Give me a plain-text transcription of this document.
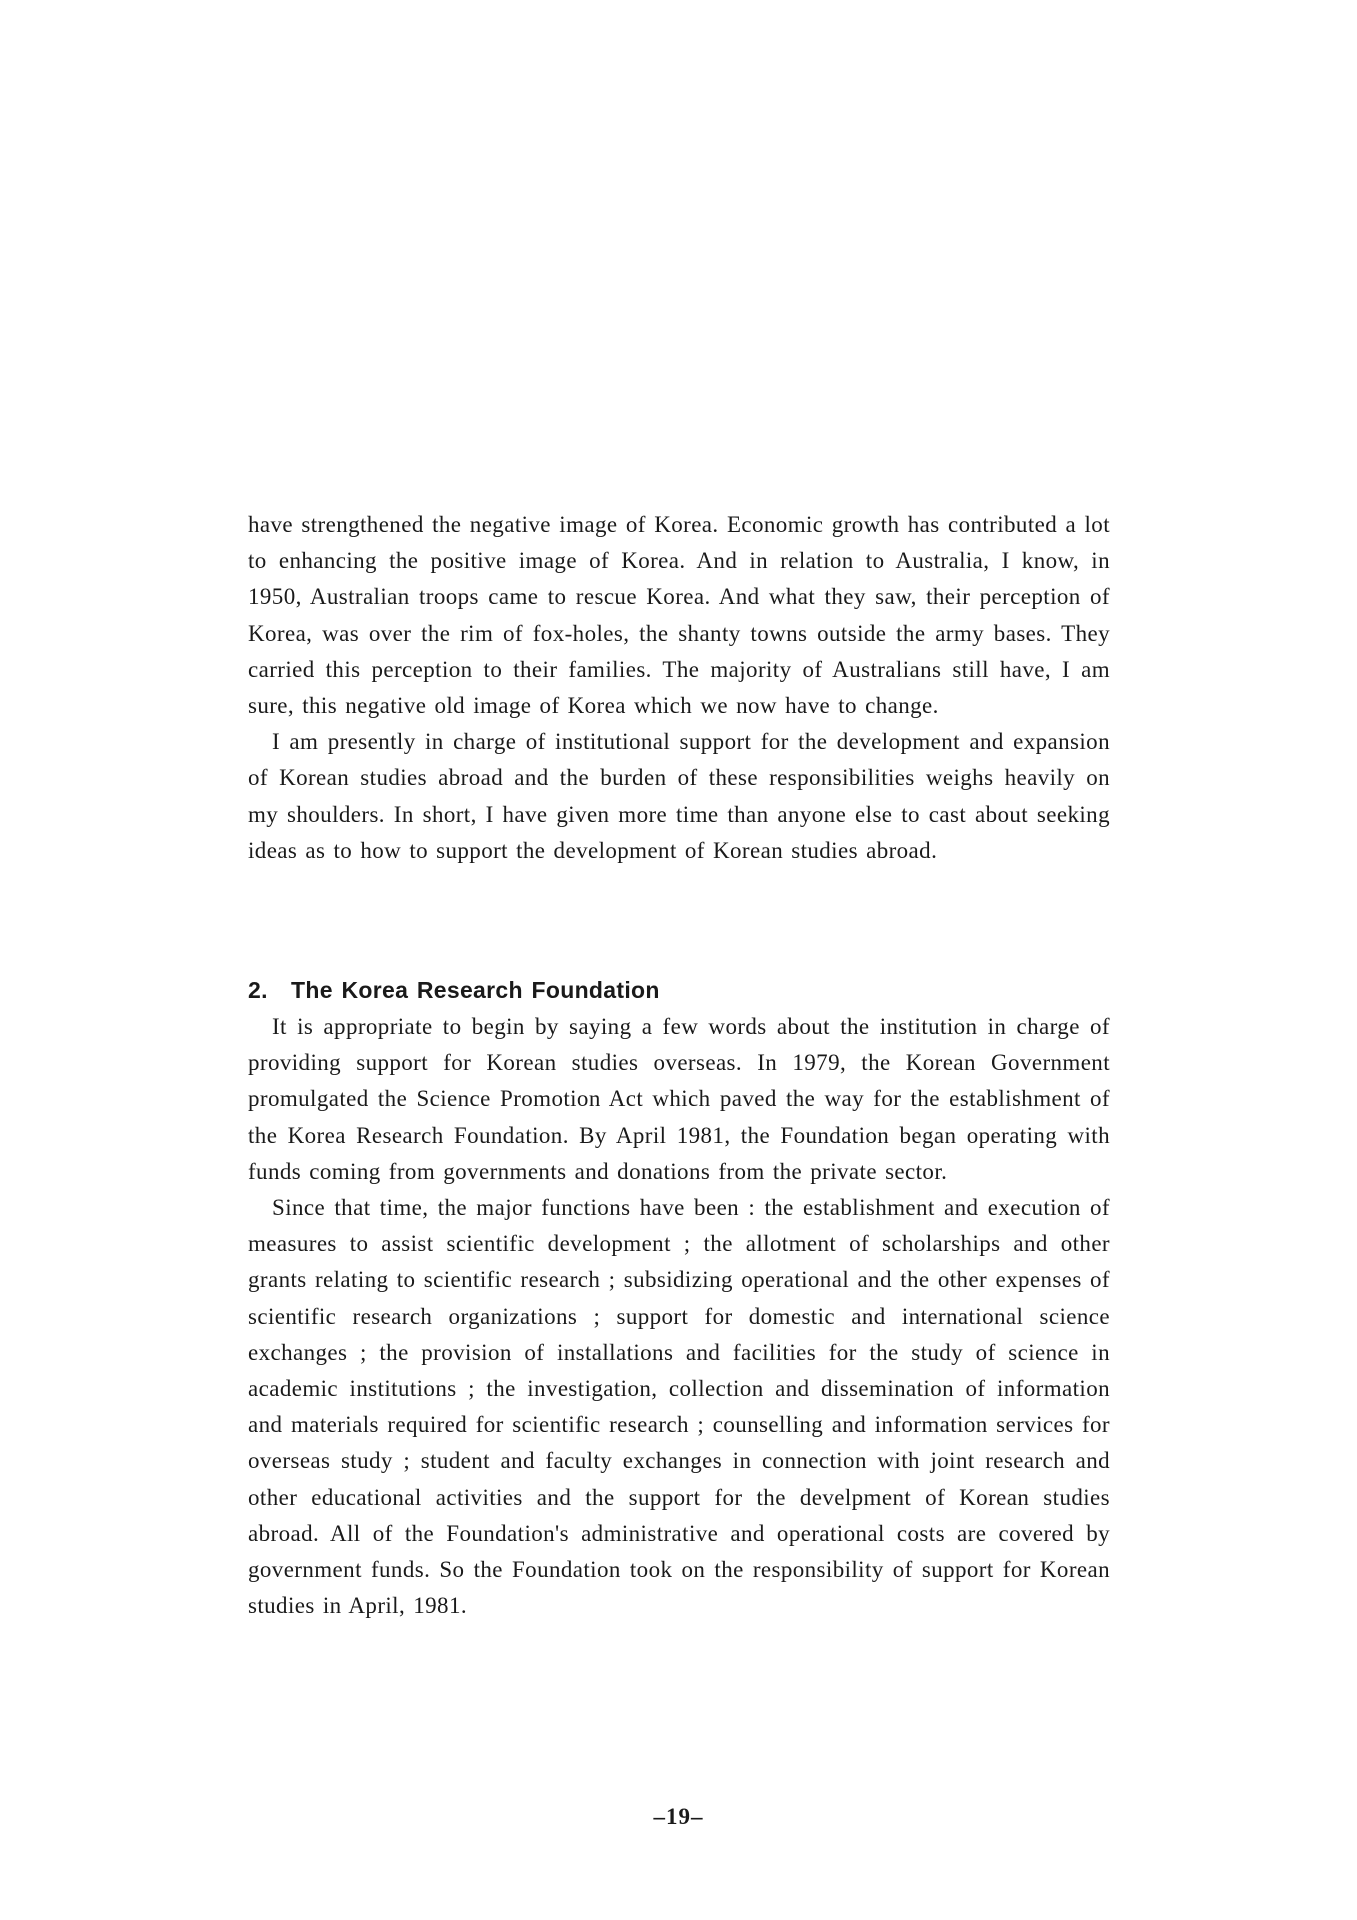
have strengthened the negative image of Korea. Economic growth has contributed a lot to enhancing the positive image of Korea. And in relation to Australia, I know, in 1950, Australian troops came to rescue Korea. And what they saw, their perception of Korea, was over the rim of fox-holes, the shanty towns outside the army bases. They carried this perception to their families. The majority of Australians still have, I am sure, this negative old image of Korea which we now have to change.

I am presently in charge of institutional support for the development and expansion of Korean studies abroad and the burden of these responsibilities weighs heavily on my shoulders. In short, I have given more time than anyone else to cast about seeking ideas as to how to support the development of Korean studies abroad.

2. The Korea Research Foundation

It is appropriate to begin by saying a few words about the institution in charge of providing support for Korean studies overseas. In 1979, the Korean Government promulgated the Science Promotion Act which paved the way for the establishment of the Korea Research Foundation. By April 1981, the Foundation began operating with funds coming from governments and donations from the private sector.

Since that time, the major functions have been : the establishment and execution of measures to assist scientific development ; the allotment of scholarships and other grants relating to scientific research ; subsidizing operational and the other expenses of scientific research organizations ; support for domestic and international science exchanges ; the provision of installations and facilities for the study of science in academic institutions ; the investigation, collection and dissemination of information and materials required for scientific research ; counselling and information services for overseas study ; student and faculty exchanges in connection with joint research and other educational activities and the support for the develpment of Korean studies abroad. All of the Foundation's administrative and operational costs are covered by government funds. So the Foundation took on the responsibility of support for Korean studies in April, 1981.

–19–
